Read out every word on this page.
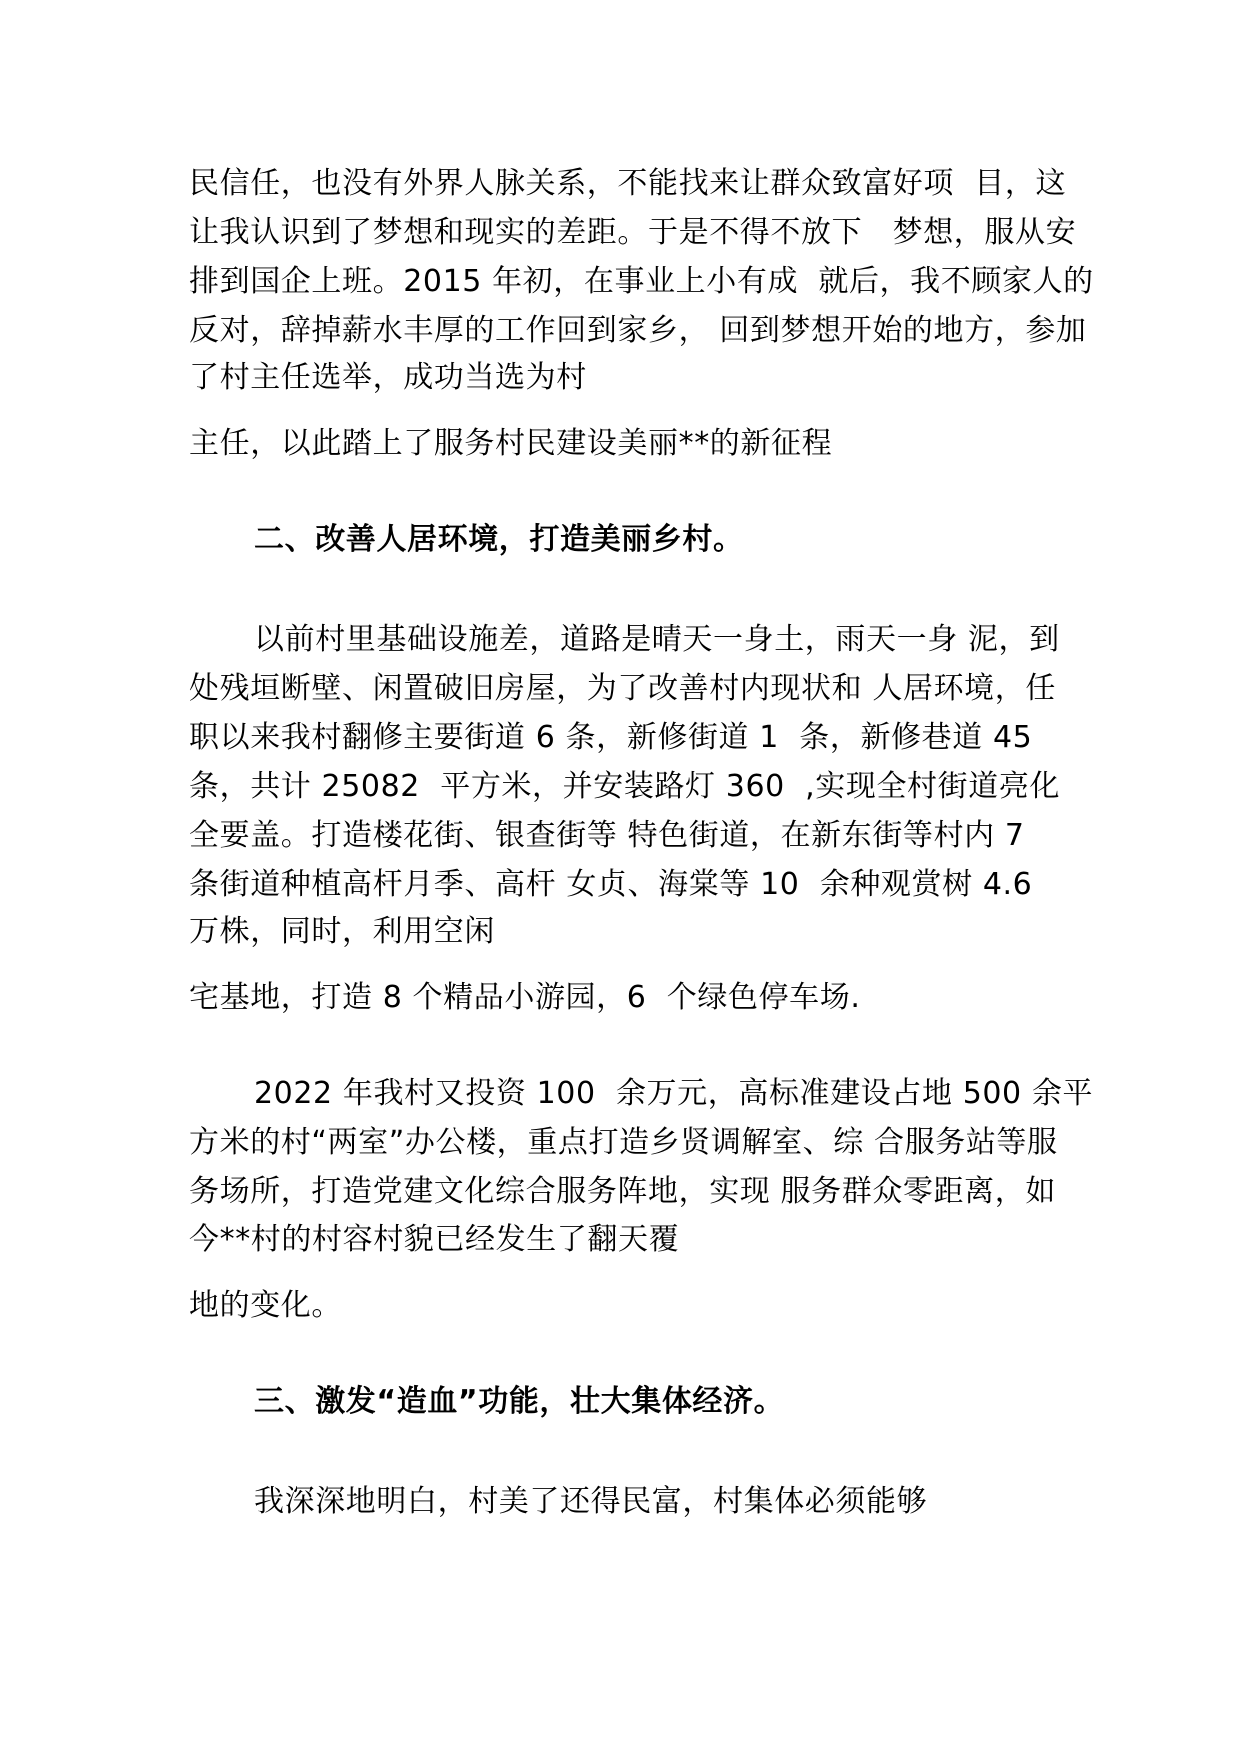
民信任，也没有外界人脉关系，不能找来让群众致富好项  目，这
让我认识到了梦想和现实的差距。于是不得不放下   梦想，服从安
排到国企上班。2015 年初，在事业上小有成  就后，我不顾家人的
反对，辞掉薪水丰厚的工作回到家乡， 回到梦想开始的地方，参加
了村主任选举，成功当选为村
主任，以此踏上了服务村民建设美丽**的新征程
二、改善人居环境，打造美丽乡村。
以前村里基础设施差，道路是晴天一身土，雨天一身 泥，到
处残垣断壁、闲置破旧房屋，为了改善村内现状和 人居环境，任
职以来我村翻修主要街道 6 条，新修街道 1  条，新修巷道 45
条，共计 25082  平方米，并安装路灯 360  ,实现全村街道亮化
全要盖。打造楼花街、银查街等 特色街道，在新东街等村内 7
条街道种植高杆月季、高杆 女贞、海棠等 10  余种观赏树 4.6
万株，同时，利用空闲
宅基地，打造 8 个精品小游园，6  个绿色停车场.
2022 年我村又投资 100  余万元，高标准建设占地 500 余平
方米的村“两室”办公楼，重点打造乡贤调解室、综 合服务站等服
务场所，打造党建文化综合服务阵地，实现 服务群众零距离，如
今**村的村容村貌已经发生了翻天覆
地的变化。
三、激发“造血”功能，壮大集体经济。
我深深地明白，村美了还得民富，村集体必须能够
